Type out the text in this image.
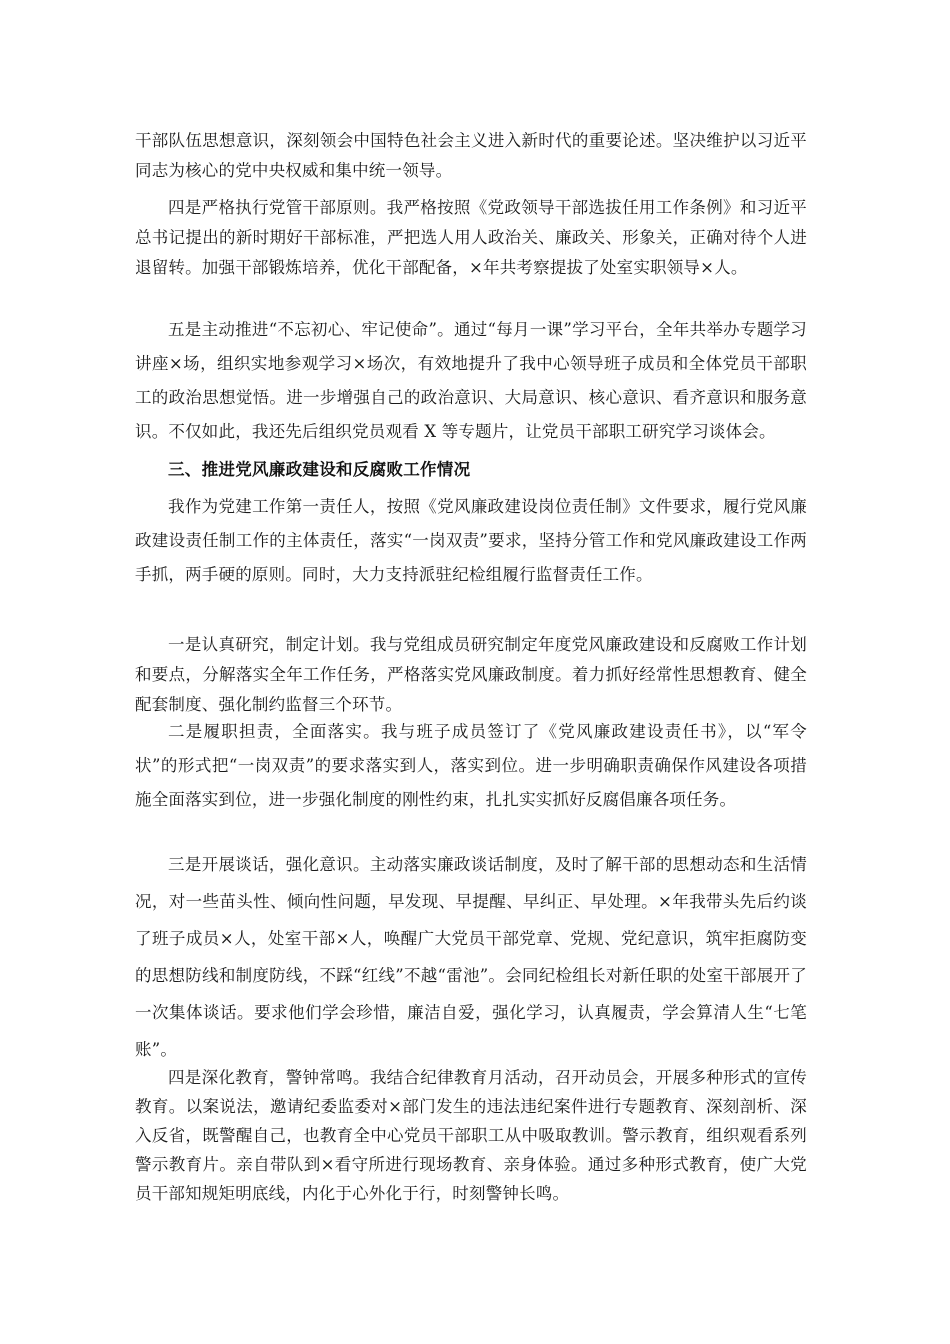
干部队伍思想意识，深刻领会中国特色社会主义进入新时代的重要论述。坚决维护以习近平同志为核心的党中央权威和集中统一领导。

四是严格执行党管干部原则。我严格按照《党政领导干部选拔任用工作条例》和习近平总书记提出的新时期好干部标准，严把选人用人政治关、廉政关、形象关，正确对待个人进退留转。加强干部锻炼培养，优化干部配备，×年共考察提拔了处室实职领导×人。

五是主动推进“不忘初心、牢记使命”。通过“每月一课”学习平台，全年共举办专题学习讲座×场，组织实地参观学习×场次，有效地提升了我中心领导班子成员和全体党员干部职工的政治思想觉悟。进一步增强自己的政治意识、大局意识、核心意识、看齐意识和服务意识。不仅如此，我还先后组织党员观看 X 等专题片，让党员干部职工研究学习谈体会。

三、推进党风廉政建设和反腐败工作情况

我作为党建工作第一责任人，按照《党风廉政建设岗位责任制》文件要求，履行党风廉政建设责任制工作的主体责任，落实“一岗双责”要求，坚持分管工作和党风廉政建设工作两手抓，两手硬的原则。同时，大力支持派驻纪检组履行监督责任工作。

一是认真研究，制定计划。我与党组成员研究制定年度党风廉政建设和反腐败工作计划和要点，分解落实全年工作任务，严格落实党风廉政制度。着力抓好经常性思想教育、健全配套制度、强化制约监督三个环节。

二是履职担责，全面落实。我与班子成员签订了《党风廉政建设责任书》，以“军令状”的形式把“一岗双责”的要求落实到人，落实到位。进一步明确职责确保作风建设各项措施全面落实到位，进一步强化制度的刚性约束，扎扎实实抓好反腐倡廉各项任务。

三是开展谈话，强化意识。主动落实廉政谈话制度，及时了解干部的思想动态和生活情况，对一些苗头性、倾向性问题，早发现、早提醒、早纠正、早处理。×年我带头先后约谈了班子成员×人，处室干部×人，唤醒广大党员干部党章、党规、党纪意识，筑牢拒腐防变的思想防线和制度防线，不踩“红线”不越“雷池”。会同纪检组长对新任职的处室干部展开了一次集体谈话。要求他们学会珍惜，廉洁自爱，强化学习，认真履责，学会算清人生“七笔账”。

四是深化教育，警钟常鸣。我结合纪律教育月活动，召开动员会，开展多种形式的宣传教育。以案说法，邀请纪委监委对×部门发生的违法违纪案件进行专题教育、深刻剖析、深入反省，既警醒自己，也教育全中心党员干部职工从中吸取教训。警示教育，组织观看系列警示教育片。亲自带队到×看守所进行现场教育、亲身体验。通过多种形式教育，使广大党员干部知规矩明底线，内化于心外化于行，时刻警钟长鸣。
